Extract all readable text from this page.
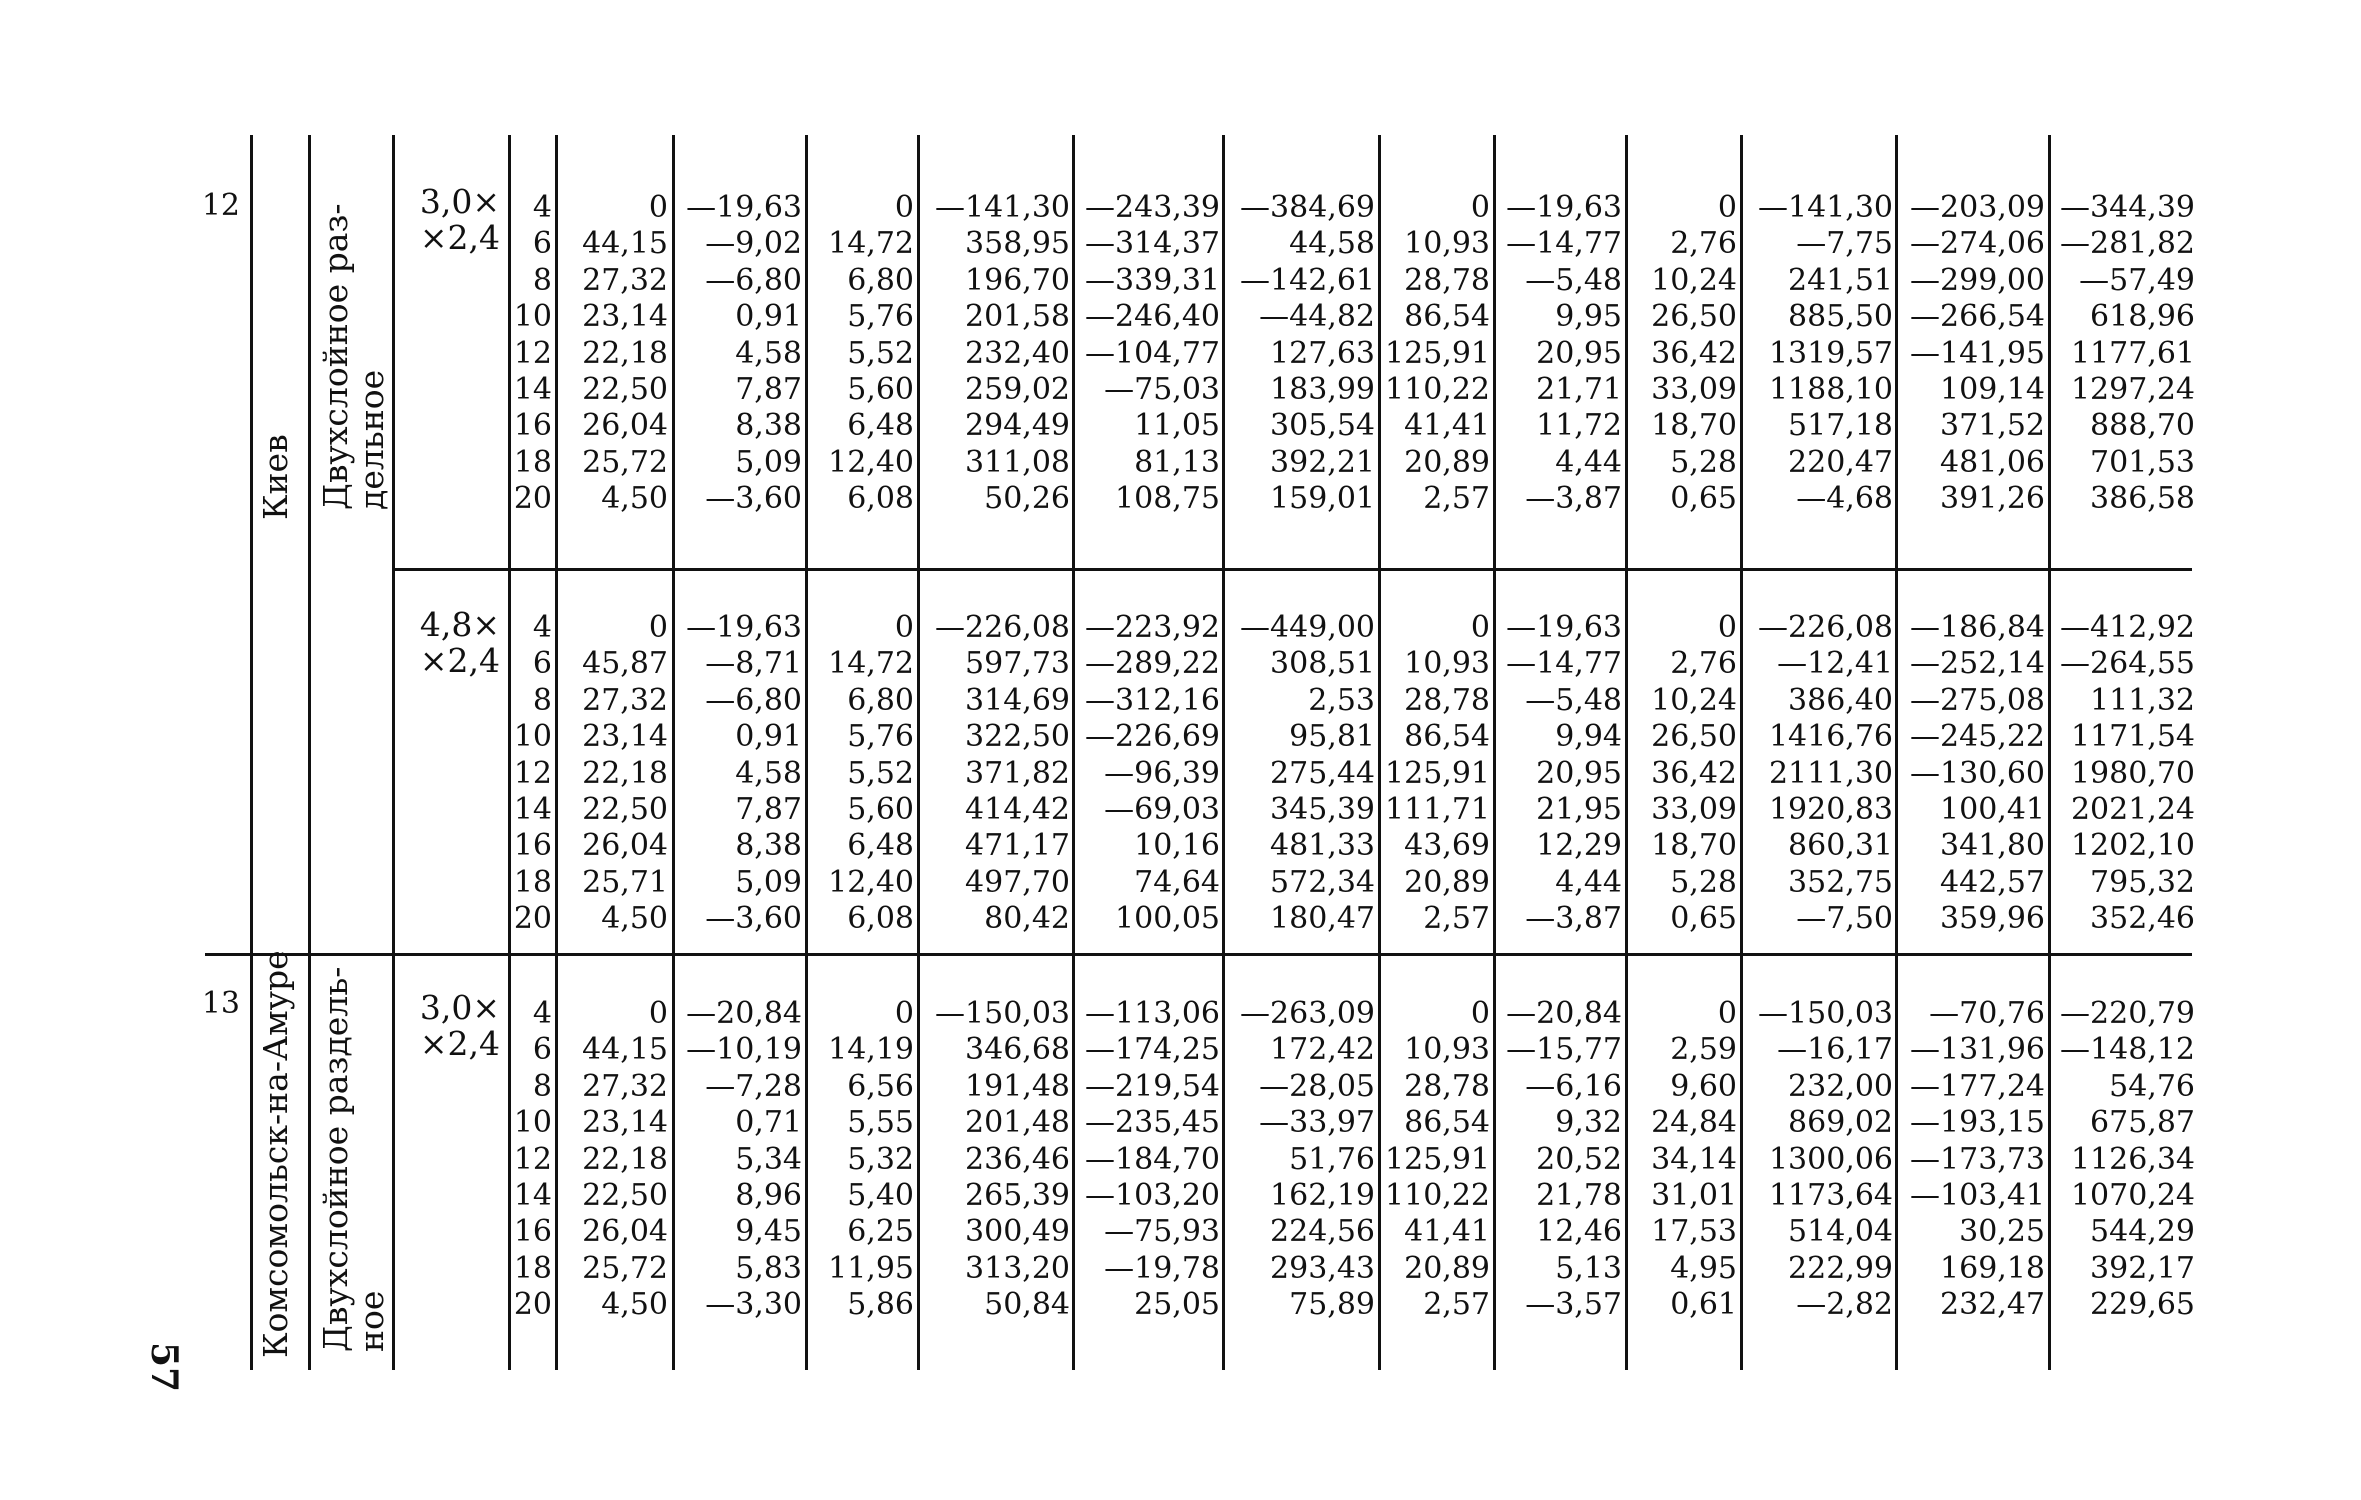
12
Киев Двухслойное раз-
дельное
3,0×
×2,4
4,8×
×2,4
13 Комсомольск-на-Амуре Двухслойное раздель-
ное
3,0×
×2,4
4
6
8
10
12
14
16
18
20
0
44,15
27,32
23,14
22,18
22,50
26,04
25,72
4,50
—19,63
—9,02
—6,80
0,91
4,58
7,87
8,38
5,09
—3,60
0
14,72
6,80
5,76
5,52
5,60
6,48
12,40
6,08
—141,30
358,95
196,70
201,58
232,40
259,02
294,49
311,08
50,26
—243,39
—314,37
—339,31
—246,40
—104,77
—75,03
11,05
81,13
108,75
—384,69
44,58
—142,61
—44,82
127,63
183,99
305,54
392,21
159,01
0
10,93
28,78
86,54
125,91
110,22
41,41
20,89
2,57
—19,63
—14,77
—5,48
9,95
20,95
21,71
11,72
4,44
—3,87
0
2,76
10,24
26,50
36,42
33,09
18,70
5,28
0,65
—141,30
—7,75
241,51
885,50
1319,57
1188,10
517,18
220,47
—4,68
—203,09
—274,06
—299,00
—266,54
—141,95
109,14
371,52
481,06
391,26
—344,39
—281,82
—57,49
618,96
1177,61
1297,24
888,70
701,53
386,58
4
6
8
10
12
14
16
18
20
0
45,87
27,32
23,14
22,18
22,50
26,04
25,71
4,50
—19,63
—8,71
—6,80
0,91
4,58
7,87
8,38
5,09
—3,60
0
14,72
6,80
5,76
5,52
5,60
6,48
12,40
6,08
—226,08
597,73
314,69
322,50
371,82
414,42
471,17
497,70
80,42
—223,92
—289,22
—312,16
—226,69
—96,39
—69,03
10,16
74,64
100,05
—449,00
308,51
2,53
95,81
275,44
345,39
481,33
572,34
180,47
0
10,93
28,78
86,54
125,91
111,71
43,69
20,89
2,57
—19,63
—14,77
—5,48
9,94
20,95
21,95
12,29
4,44
—3,87
0
2,76
10,24
26,50
36,42
33,09
18,70
5,28
0,65
—226,08
—12,41
386,40
1416,76
2111,30
1920,83
860,31
352,75
—7,50
—186,84
—252,14
—275,08
—245,22
—130,60
100,41
341,80
442,57
359,96
—412,92
—264,55
111,32
1171,54
1980,70
2021,24
1202,10
795,32
352,46
4
6
8
10
12
14
16
18
20
0
44,15
27,32
23,14
22,18
22,50
26,04
25,72
4,50
—20,84
—10,19
—7,28
0,71
5,34
8,96
9,45
5,83
—3,30
0
14,19
6,56
5,55
5,32
5,40
6,25
11,95
5,86
—150,03
346,68
191,48
201,48
236,46
265,39
300,49
313,20
50,84
—113,06
—174,25
—219,54
—235,45
—184,70
—103,20
—75,93
—19,78
25,05
—263,09
172,42
—28,05
—33,97
51,76
162,19
224,56
293,43
75,89
0
10,93
28,78
86,54
125,91
110,22
41,41
20,89
2,57
—20,84
—15,77
—6,16
9,32
20,52
21,78
12,46
5,13
—3,57
0
2,59
9,60
24,84
34,14
31,01
17,53
4,95
0,61
—150,03
—16,17
232,00
869,02
1300,06
1173,64
514,04
222,99
—2,82
—70,76
—131,96
—177,24
—193,15
—173,73
—103,41
30,25
169,18
232,47
—220,79
—148,12
54,76
675,87
1126,34
1070,24
544,29
392,17
229,65
57
